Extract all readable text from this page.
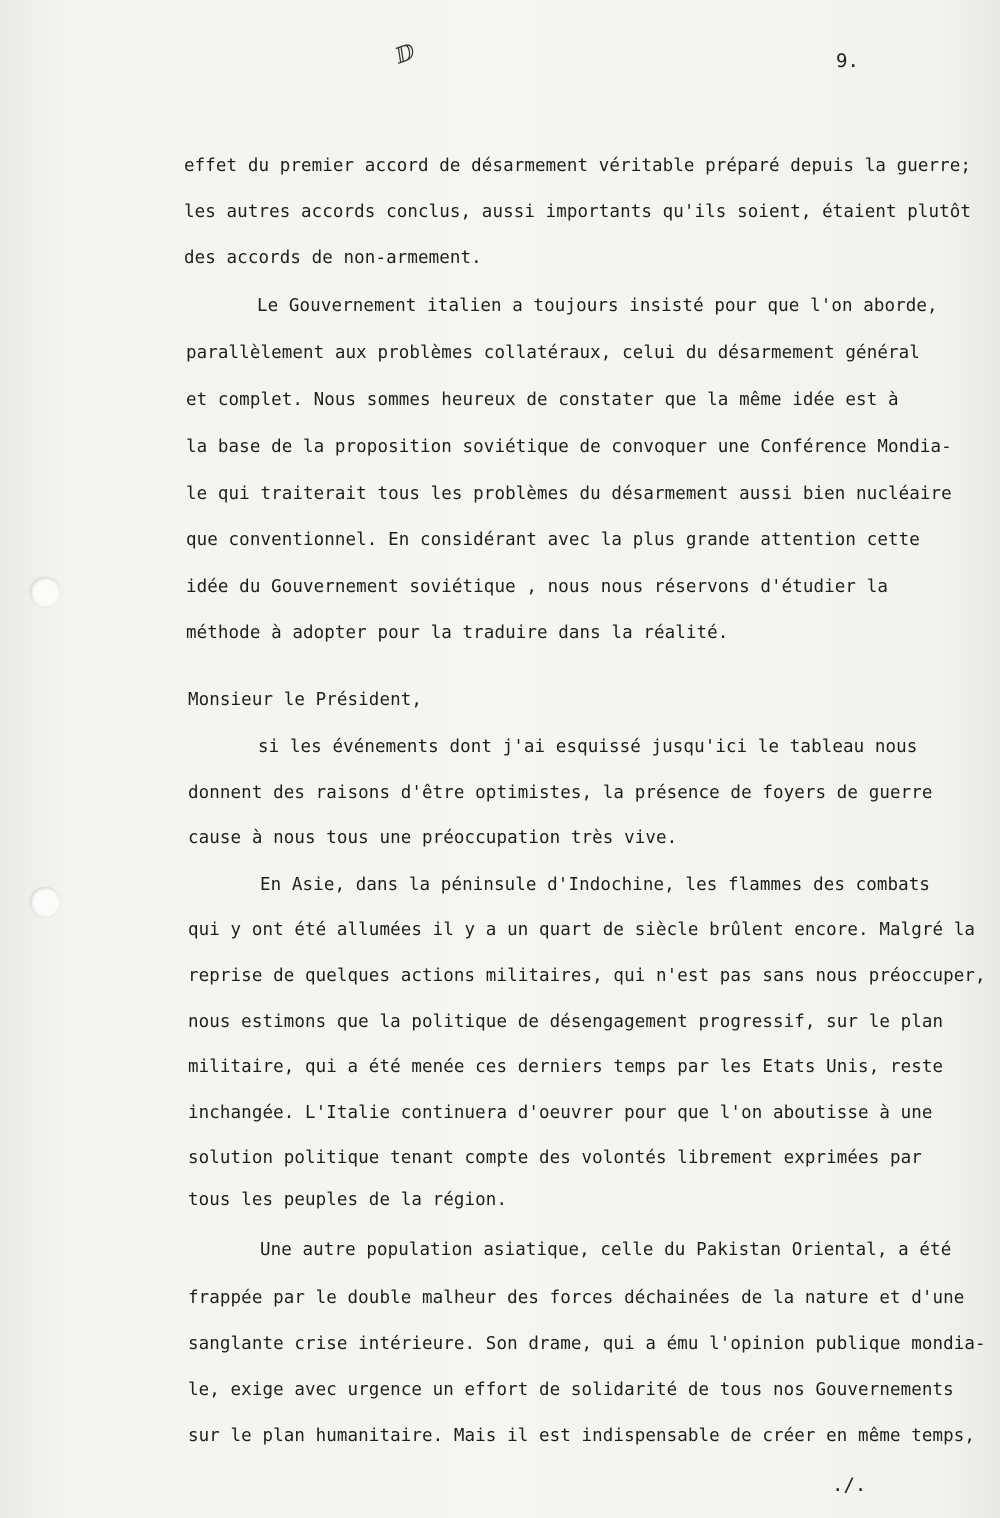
ⅅ	9.
effet du premier accord de désarmement véritable préparé depuis la guerre;
les autres accords conclus, aussi importants qu'ils soient, étaient plutôt
des accords de non-armement.
Le Gouvernement italien a toujours insisté pour que l'on aborde,
parallèlement aux problèmes collatéraux, celui du désarmement général
et complet. Nous sommes heureux de constater que la même idée est à
la base de la proposition soviétique de convoquer une Conférence Mondia-
le qui traiterait tous les problèmes du désarmement aussi bien nucléaire
que conventionnel. En considérant avec la plus grande attention cette
idée du Gouvernement soviétique , nous nous réservons d'étudier la
méthode à adopter pour la traduire dans la réalité.
Monsieur le Président,
si les événements dont j'ai esquissé jusqu'ici le tableau nous
donnent des raisons d'être optimistes, la présence de foyers de guerre
cause à nous tous une préoccupation très vive.
En Asie, dans la péninsule d'Indochine, les flammes des combats
qui y ont été allumées il y a un quart de siècle brûlent encore. Malgré la
reprise de quelques actions militaires, qui n'est pas sans nous préoccuper,
nous estimons que la politique de désengagement progressif, sur le plan
militaire, qui a été menée ces derniers temps par les Etats Unis, reste
inchangée. L'Italie continuera d'oeuvrer pour que l'on aboutisse à une
solution politique tenant compte des volontés librement exprimées par
tous les peuples de la région.
Une autre population asiatique, celle du Pakistan Oriental, a été
frappée par le double malheur des forces déchainées de la nature et d'une
sanglante crise intérieure. Son drame, qui a ému l'opinion publique mondia-
le, exige avec urgence un effort de solidarité de tous nos Gouvernements
sur le plan humanitaire. Mais il est indispensable de créer en même temps,
./.
